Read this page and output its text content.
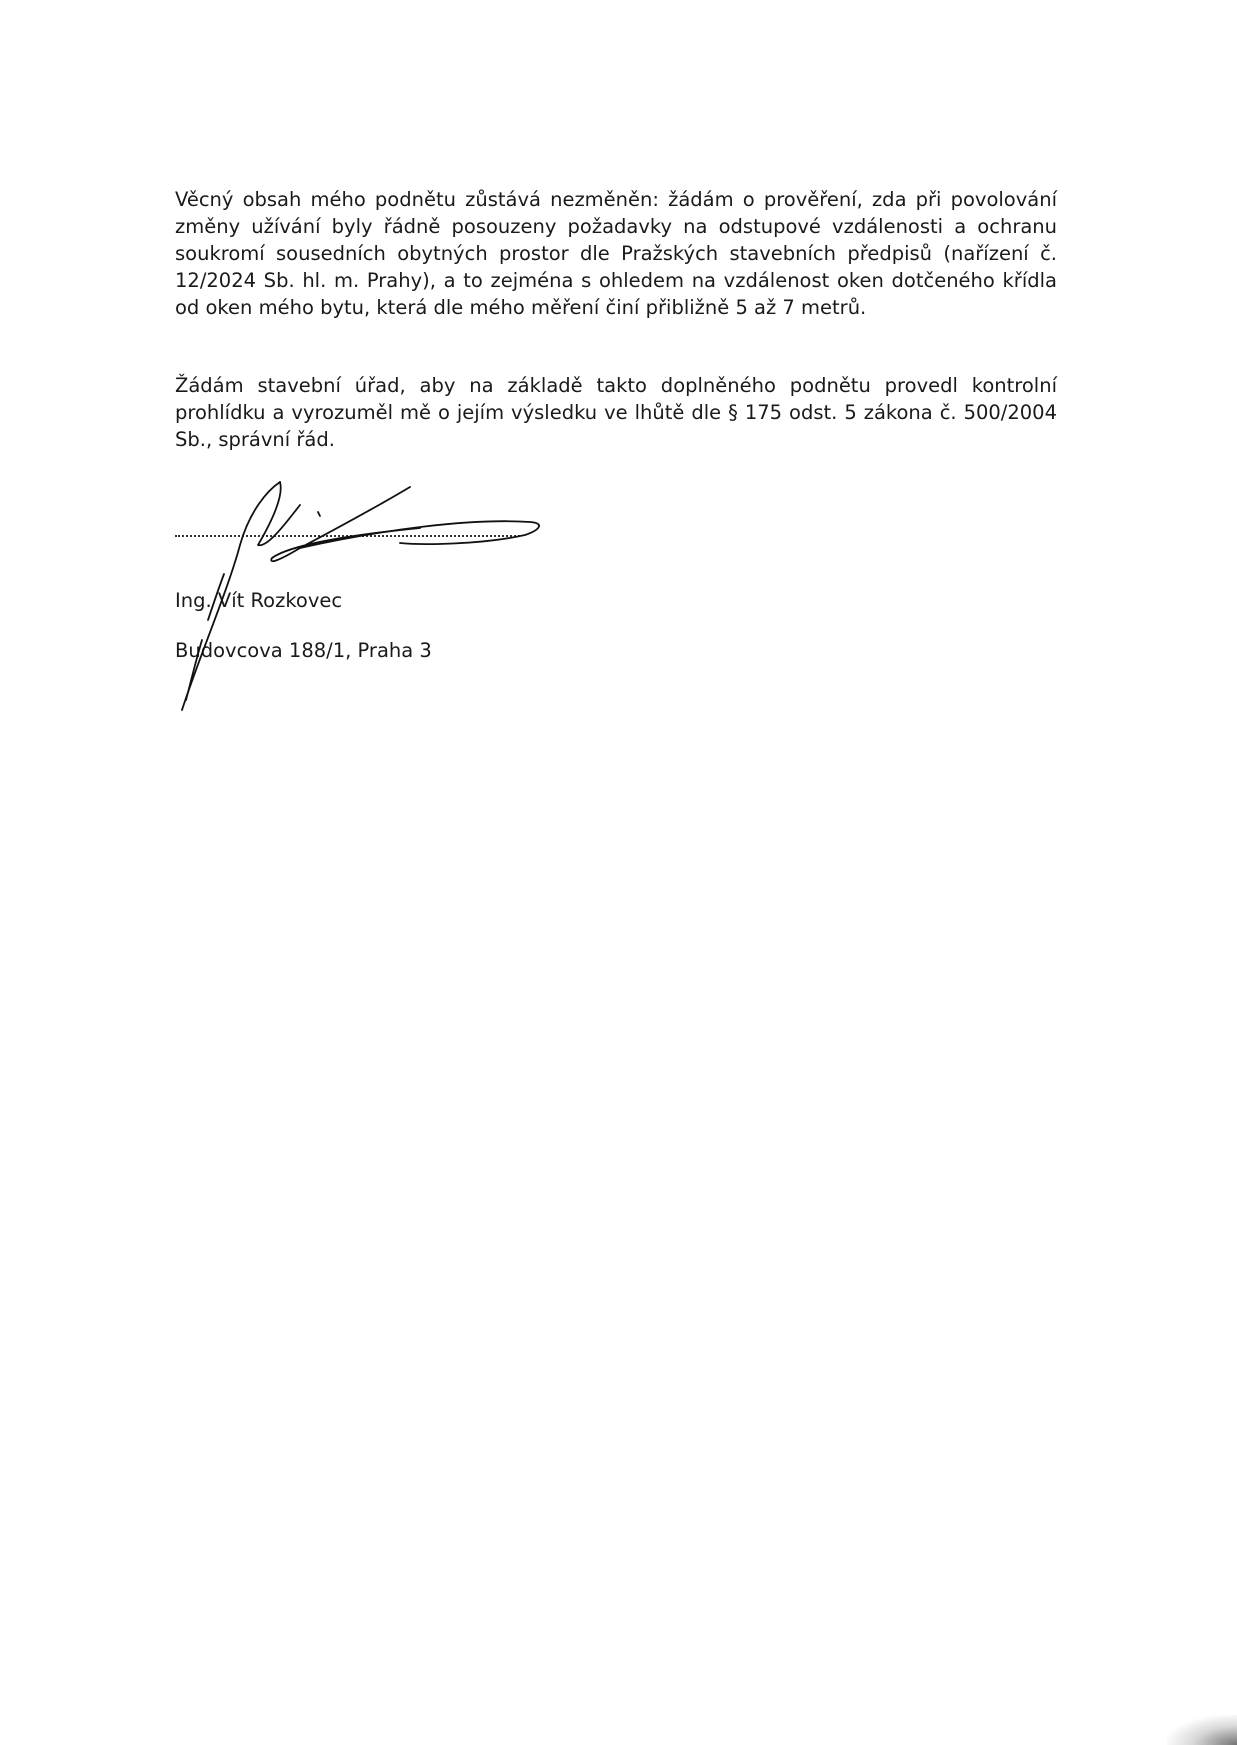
Věcný obsah mého podnětu zůstává nezměněn: žádám o prověření, zda při povolování změny užívání byly řádně posouzeny požadavky na odstupové vzdálenosti a ochranu soukromí sousedních obytných prostor dle Pražských stavebních předpisů (nařízení č. 12/2024 Sb. hl. m. Prahy), a to zejména s ohledem na vzdálenost oken dotčeného křídla od oken mého bytu, která dle mého měření činí přibližně 5 až 7 metrů.

Žádám stavební úřad, aby na základě takto doplněného podnětu provedl kontrolní prohlídku a vyrozuměl mě o jejím výsledku ve lhůtě dle § 175 odst. 5 zákona č. 500/2004 Sb., správní řád.

Ing. Vít Rozkovec
Budovcova 188/1, Praha 3
